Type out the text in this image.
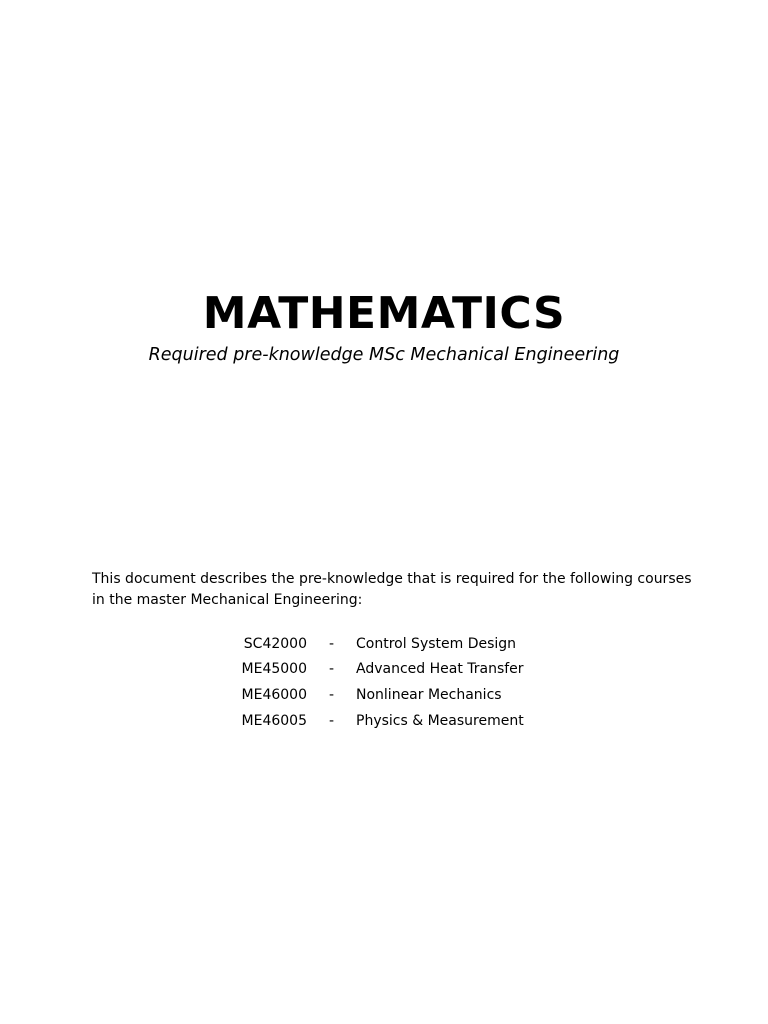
MATHEMATICS

Required pre-knowledge MSc Mechanical Engineering

This document describes the pre-knowledge that is required for the following courses in the master Mechanical Engineering:

SC42000	-	Control System Design
ME45000	-	Advanced Heat Transfer
ME46000	-	Nonlinear Mechanics
ME46005	-	Physics & Measurement
